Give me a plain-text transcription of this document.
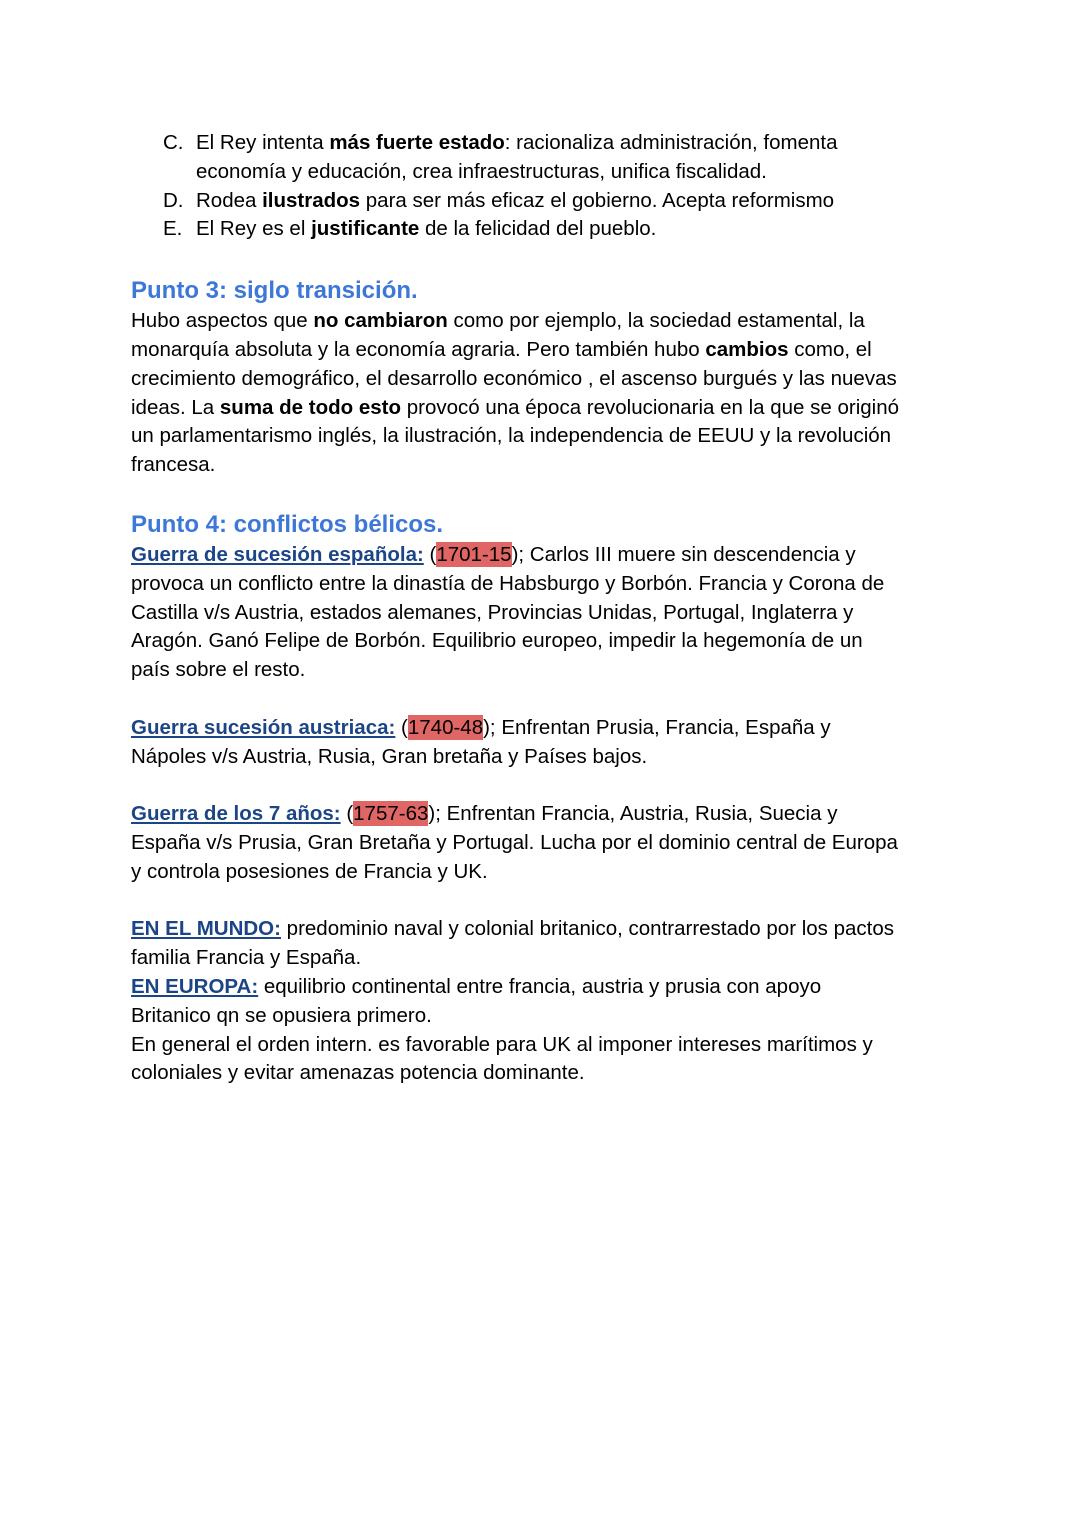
C. El Rey intenta más fuerte estado: racionaliza administración, fomenta
economía y educación, crea infraestructuras, unifica fiscalidad.
D. Rodea ilustrados para ser más eficaz el gobierno. Acepta reformismo
E. El Rey es el justificante de la felicidad del pueblo.
Punto 3: siglo transición.
Hubo aspectos que no cambiaron como por ejemplo, la sociedad estamental, la
monarquía absoluta y la economía agraria. Pero también hubo cambios como, el
crecimiento demográfico, el desarrollo económico , el ascenso burgués y las nuevas
ideas. La suma de todo esto provocó una época revolucionaria en la que se originó
un parlamentarismo inglés, la ilustración, la independencia de EEUU y la revolución
francesa.
Punto 4: conflictos bélicos.
Guerra de sucesión española: (1701-15); Carlos III muere sin descendencia y
provoca un conflicto entre la dinastía de Habsburgo y Borbón. Francia y Corona de
Castilla v/s Austria, estados alemanes, Provincias Unidas, Portugal, Inglaterra y
Aragón. Ganó Felipe de Borbón. Equilibrio europeo, impedir la hegemonía de un
país sobre el resto.
Guerra sucesión austriaca: (1740-48); Enfrentan Prusia, Francia, España y
Nápoles v/s Austria, Rusia, Gran bretaña y Países bajos.
Guerra de los 7 años: (1757-63); Enfrentan Francia, Austria, Rusia, Suecia y
España v/s Prusia, Gran Bretaña y Portugal. Lucha por el dominio central de Europa
y controla posesiones de Francia y UK.
EN EL MUNDO: predominio naval y colonial britanico, contrarrestado por los pactos
familia Francia y España.
EN EUROPA: equilibrio continental entre francia, austria y prusia con apoyo
Britanico qn se opusiera primero.
En general el orden intern. es favorable para UK al imponer intereses marítimos y
coloniales y evitar amenazas potencia dominante.
